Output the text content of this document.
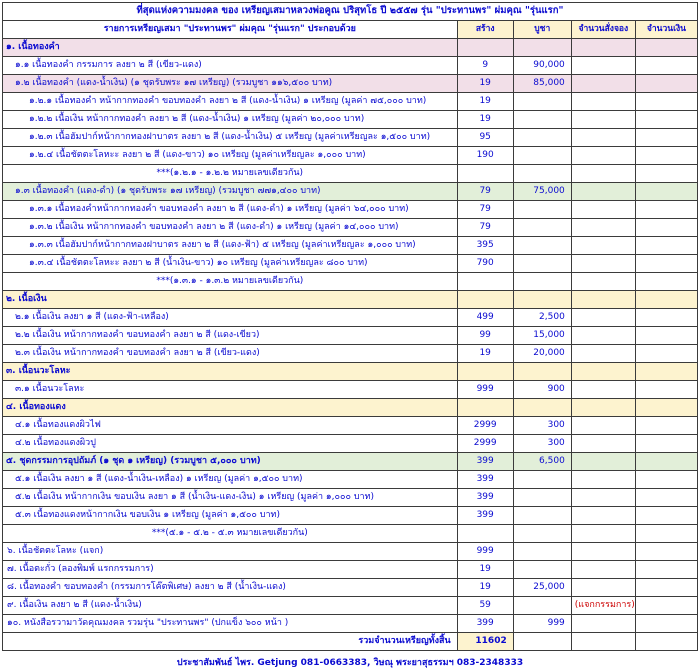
ที่สุดแห่งความมงคล ของ เหรียญเสมาหลวงพ่อคูณ ปริสุทโธ ปี ๒๕๕๗ รุ่น "ประทานพร" ผ่มคุณ "รุ่นแรก"				
รายการเหรียญเสมา "ประทานพร" ผ่มคุณ "รุ่นแรก" ประกอบด้วย	สร้าง	บูชา	จำนวนสั่งจอง	จำนวนเงิน
๑. เนื้อทองคำ				
๑.๑ เนื้อทองคำ กรรมการ ลงยา ๒ สี (เขียว-แดง)	9	90,000		
๑.๒ เนื้อทองคำ (แดง-น้ำเงิน) (๑ ชุดรับพระ ๑๗ เหรียญ) (รวมบูชา ๑๑๖,๕๐๐ บาท)	19	85,000		
๑.๒.๑ เนื้อทองคำ หน้ากากทองคำ ขอบทองคำ ลงยา ๒ สี (แดง-น้ำเงิน) ๑ เหรียญ (มูลค่า ๗๕,๐๐๐ บาท)	19			
๑.๒.๒ เนื้อเงิน หน้ากากทองคำ ลงยา ๒ สี (แดง-น้ำเงิน) ๑ เหรียญ (มูลค่า ๒๐,๐๐๐ บาท)	19			
๑.๒.๓ เนื้อฮัมปาก์หน้ากากทองฝาบาตร ลงยา ๒ สี (แดง-น้ำเงิน) ๕ เหรียญ (มูลค่าเหรียญละ ๑,๕๐๐ บาท)	95			
๑.๒.๔ เนื้อชัตตะโลหะะ ลงยา ๒ สี (แดง-ขาว) ๑๐ เหรียญ (มูลค่าเหรียญละ ๑,๐๐๐ บาท)	190			
***(๑.๒.๑ - ๑.๒.๒ หมายเลขเดียวกัน)				
๑.๓ เนื้อทองคำ (แดง-ดำ) (๑ ชุดรับพระ ๑๗ เหรียญ) (รวมบูชา ๗๗๑,๔๐๐ บาท)	79	75,000		
๑.๓.๑ เนื้อทองคำหน้ากากทองคำ ขอบทองคำ ลงยา ๒ สี (แดง-ดำ) ๑ เหรียญ (มูลค่า ๖๔,๐๐๐ บาท)	79			
๑.๓.๒ เนื้อเงิน หน้ากากทองคำ ขอบทองคำ ลงยา ๒ สี (แดง-ดำ) ๑ เหรียญ (มูลค่า ๑๔,๐๐๐ บาท)	79			
๑.๓.๓ เนื้อฮัมปาก์หน้ากากทองฝาบาตร ลงยา ๒ สี (แดง-ฟ้า) ๕ เหรียญ (มูลค่าเหรียญละ ๑,๐๐๐ บาท)	395			
๑.๓.๔ เนื้อชัตตะโลหะะ ลงยา ๒ สี (น้ำเงิน-ขาว) ๑๐ เหรียญ (มูลค่าเหรียญละ ๘๐๐ บาท)	790			
***(๑.๓.๑ - ๑.๓.๒ หมายเลขเดียวกัน)				
๒. เนื้อเงิน				
๒.๑ เนื้อเงิน ลงยา ๑ สี (แดง-ฟ้า-เหลือง)	499	2,500		
๒.๒ เนื้อเงิน หน้ากากทองคำ ขอบทองคำ ลงยา ๒ สี (แดง-เขียว)	99	15,000		
๒.๓ เนื้อเงิน หน้ากากทองคำ ขอบทองคำ ลงยา ๒ สี (เขียว-แดง)	19	20,000		
๓. เนื้อนวะโลหะ				
๓.๑ เนื้อนวะโลหะ	999	900		
๔. เนื้อทองแดง				
๔.๑ เนื้อทองแดงผิวไฟ	2999	300		
๔.๒ เนื้อทองแดงผิวปู	2999	300		
๕. ชุดกรรมการอุปถัมภ์ (๑ ชุด ๑ เหรียญ) (รวมบูชา ๕,๐๐๐ บาท)	399	6,500		
๕.๑ เนื้อเงิน ลงยา ๑ สี (แดง-น้ำเงิน-เหลือง) ๑ เหรียญ (มูลค่า ๑,๕๐๐ บาท)	399			
๕.๒ เนื้อเงิน หน้ากากเงิน ขอบเงิน ลงยา ๑ สี (น้ำเงิน-แดง-เงิน) ๑ เหรียญ (มูลค่า ๑,๐๐๐ บาท)	399			
๕.๓ เนื้อทองแดงหน้ากากเงิน ขอบเงิน ๑ เหรียญ (มูลค่า ๑,๕๐๐ บาท)	399			
***(๕.๑ - ๕.๒ - ๕.๓ หมายเลขเดียวกัน)				
๖. เนื้อชัตตะโลหะ (แจก)	999			
๗. เนื้อตะกั่ว (ลองพิมพ์ แรกกรรมการ)	19			
๘. เนื้อทองคำ ขอบทองคำ (กรรมการโค๊ตพิเศษ) ลงยา ๒ สี (น้ำเงิน-แดง)	19	25,000		
๙. เนื้อเงิน ลงยา ๒ สี (แดง-น้ำเงิน)	59		(แจกกรรมการ)	
๑๐. หนังสือรวามาวัดคุณมงคล รวมรุ่น "ประทานพร" (ปกแข็ง ๖๐๐ หน้า )	399	999		
รวมจำนวนเหรียญทั้งสิ้น	11602			
ประชาสัมพันธ์ ไพร. Getjung 081-0663383, วิษณุ พระยาสุธรรมฯ 083-2348333
